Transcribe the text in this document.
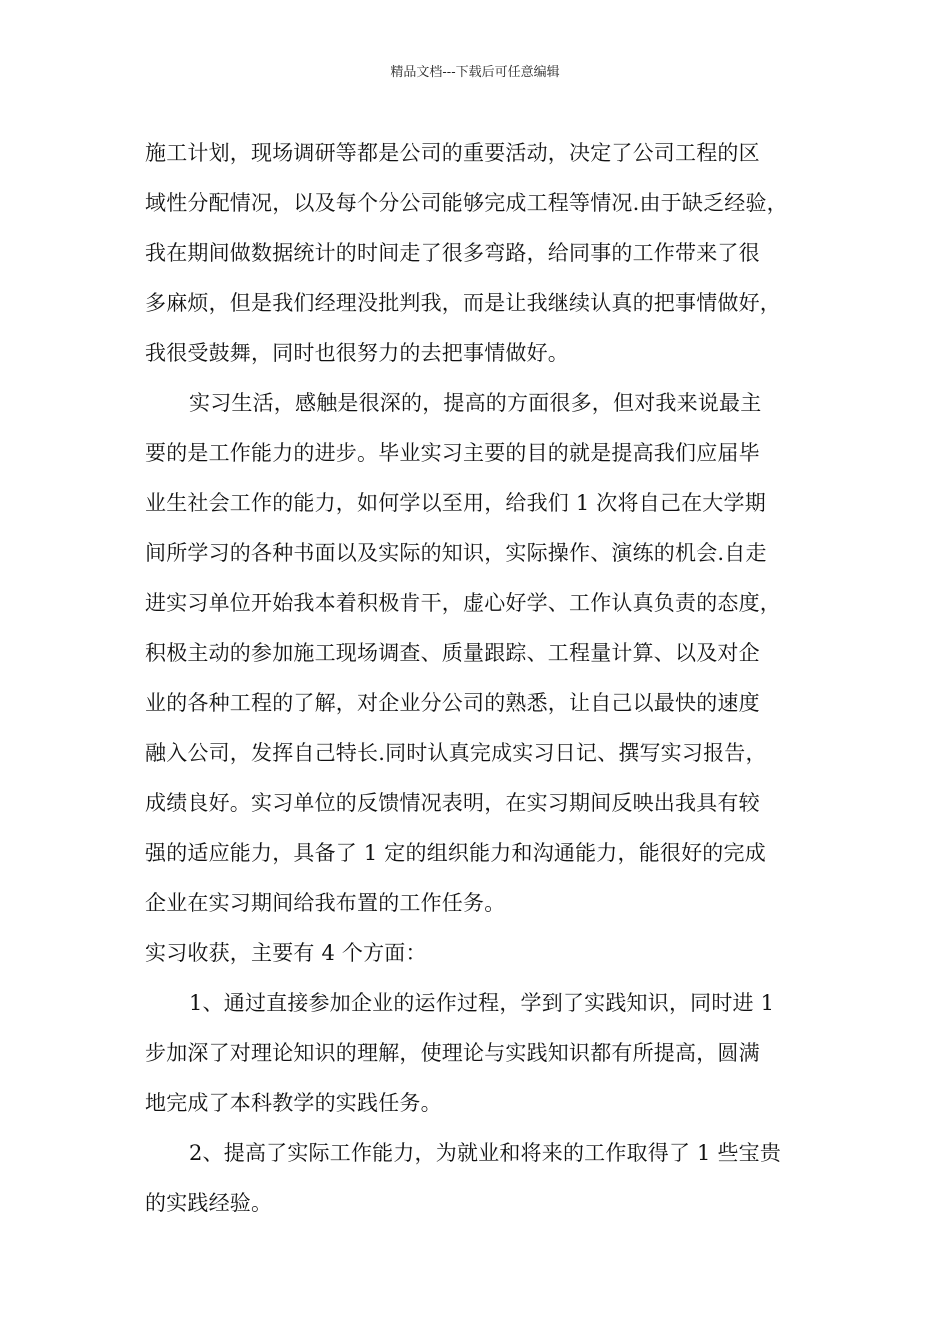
精品文档---下载后可任意编辑
施工计划，现场调研等都是公司的重要活动，决定了公司工程的区
域性分配情况，以及每个分公司能够完成工程等情况.由于缺乏经验，
我在期间做数据统计的时间走了很多弯路，给同事的工作带来了很
多麻烦，但是我们经理没批判我，而是让我继续认真的把事情做好，
我很受鼓舞，同时也很努力的去把事情做好。
实习生活，感触是很深的，提高的方面很多，但对我来说最主
要的是工作能力的进步。毕业实习主要的目的就是提高我们应届毕
业生社会工作的能力，如何学以至用，给我们 1 次将自己在大学期
间所学习的各种书面以及实际的知识，实际操作、演练的机会.自走
进实习单位开始我本着积极肯干，虚心好学、工作认真负责的态度，
积极主动的参加施工现场调查、质量跟踪、工程量计算、以及对企
业的各种工程的了解，对企业分公司的熟悉，让自己以最快的速度
融入公司，发挥自己特长.同时认真完成实习日记、撰写实习报告，
成绩良好。实习单位的反馈情况表明，在实习期间反映出我具有较
强的适应能力，具备了 1 定的组织能力和沟通能力，能很好的完成
企业在实习期间给我布置的工作任务。
实习收获，主要有 4 个方面：
1、通过直接参加企业的运作过程，学到了实践知识，同时进 1
步加深了对理论知识的理解，使理论与实践知识都有所提高，圆满
地完成了本科教学的实践任务。
2、提高了实际工作能力，为就业和将来的工作取得了 1 些宝贵
的实践经验。
